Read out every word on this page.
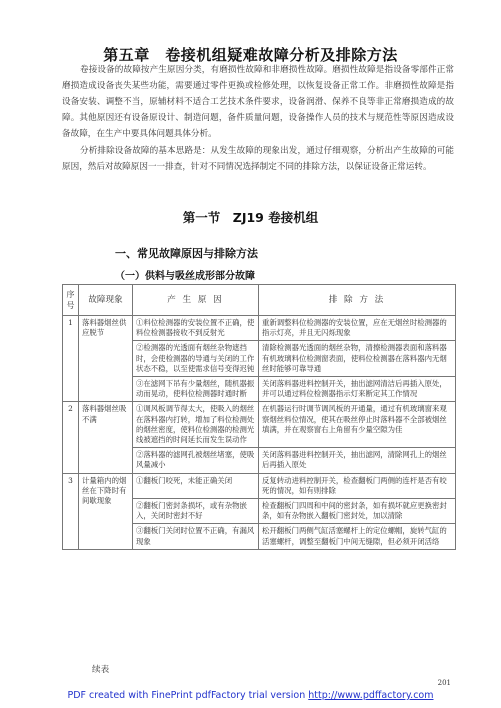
第五章　卷接机组疑难故障分析及排除方法

卷接设备的故障按产生原因分类，有磨损性故障和非磨损性故障。磨损性故障是指设备零部件正常磨损造成设备丧失某些功能，需要通过零件更换或检修处理，以恢复设备正常工作。非磨损性故障是指设备安装、调整不当，原辅材料不适合工艺技术条件要求，设备润滑、保养不良等非正常磨损造成的故障。其他原因还有设备原设计、制造问题，备件质量问题，设备操作人员的技术与规范性等原因造成设备故障，在生产中要具体问题具体分析。

分析排除设备故障的基本思路是：从发生故障的现象出发，通过仔细观察，分析出产生故障的可能原因，然后对故障原因一一排查，针对不同情况选择制定不同的排除方法，以保证设备正常运转。

第一节　ZJ19 卷接机组
一、常见故障原因与排除方法
（一）供料与吸丝成形部分故障
序号	故障现象	产 生 原 因	排 除 方 法
1	落料器烟丝供应脱节	①料位检测器的安装位置不正确，使料位检测器接收不到反射光	重新调整料位检测器的安装位置，应在无烟丝时检测器的指示灯亮，并且无闪烁现象
		②检测器的光透面有烟丝杂物遮挡时，会使检测器的导通与关闭的工作状态不稳，以至使需求信号变得迟钝	清除检测器光透面的烟丝杂物，清擦检测器表面和落料器有机玻璃料位检测窗表面，使料位检测器在落料器内无烟丝时能够可靠导通
		③在滤网下吊有少量烟丝，随机器振动而晃动，使料位检测器时通时断	关闭落料器进料控制开关，抽出滤网清洁后再插入原处，并可以通过料位检测器指示灯来断定其工作情况
2	落料器烟丝吸不满	①调风板调节得太大，使吸入的烟丝在落料器内打转，增加了料位检测处的烟丝密度，使料位检测器的检测光线被遮挡的时间延长而发生误动作	在机器运行时调节调风板的开通量，通过有机玻璃窗来观察烟丝料位情况，使其在吸丝停止时落料器不全部被烟丝填满，并在观察窗右上角留有少量空隙为佳
		②落料器的滤网孔被烟丝堵塞，使吸风量减小	关闭落料器进料控制开关，抽出滤网，清除网孔上的烟丝后再插入原处
3	计量箱内的烟丝在下降时有间歇现象	①翻板门咬死，未能正确关闭	反复转动进料控制开关，检查翻板门两侧的连杆是否有咬死的情况，如有则排除
		②翻板门密封条损坏，或有杂物嵌入，关闭时密封不好	检查翻板门四周和中间的密封条，如有损坏就应更换密封条，如有杂物嵌入翻板门密封处，加以清除
		③翻板门关闭时位置不正确，有漏风现象	松开翻板门两侧气缸活塞螺杆上的定位螺帽，旋转气缸的活塞螺杆，调整至翻板门中间无缝隙，但必须开闭活络
续表
201
PDF created with FinePrint pdfFactory trial version http://www.pdffactory.com
